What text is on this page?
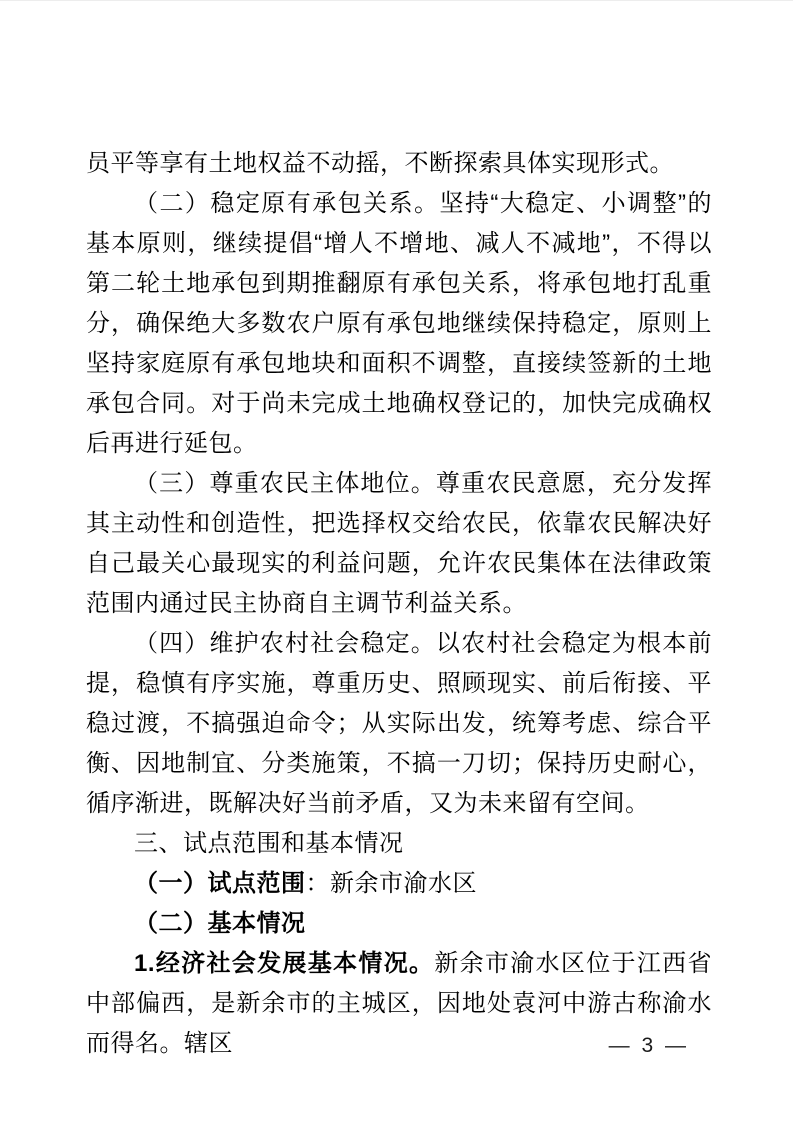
员平等享有土地权益不动摇，不断探索具体实现形式。

（二）稳定原有承包关系。坚持“大稳定、小调整”的基本原则，继续提倡“增人不增地、减人不减地”，不得以第二轮土地承包到期推翻原有承包关系，将承包地打乱重分，确保绝大多数农户原有承包地继续保持稳定，原则上坚持家庭原有承包地块和面积不调整，直接续签新的土地承包合同。对于尚未完成土地确权登记的，加快完成确权后再进行延包。

（三）尊重农民主体地位。尊重农民意愿，充分发挥其主动性和创造性，把选择权交给农民，依靠农民解决好自己最关心最现实的利益问题，允许农民集体在法律政策范围内通过民主协商自主调节利益关系。

（四）维护农村社会稳定。以农村社会稳定为根本前提，稳慎有序实施，尊重历史、照顾现实、前后衔接、平稳过渡，不搞强迫命令；从实际出发，统筹考虑、综合平衡、因地制宜、分类施策，不搞一刀切；保持历史耐心，循序渐进，既解决好当前矛盾，又为未来留有空间。

三、试点范围和基本情况

（一）试点范围：新余市渝水区

（二）基本情况

1.经济社会发展基本情况。新余市渝水区位于江西省中部偏西，是新余市的主城区，因地处袁河中游古称渝水而得名。辖区	— 3 —
